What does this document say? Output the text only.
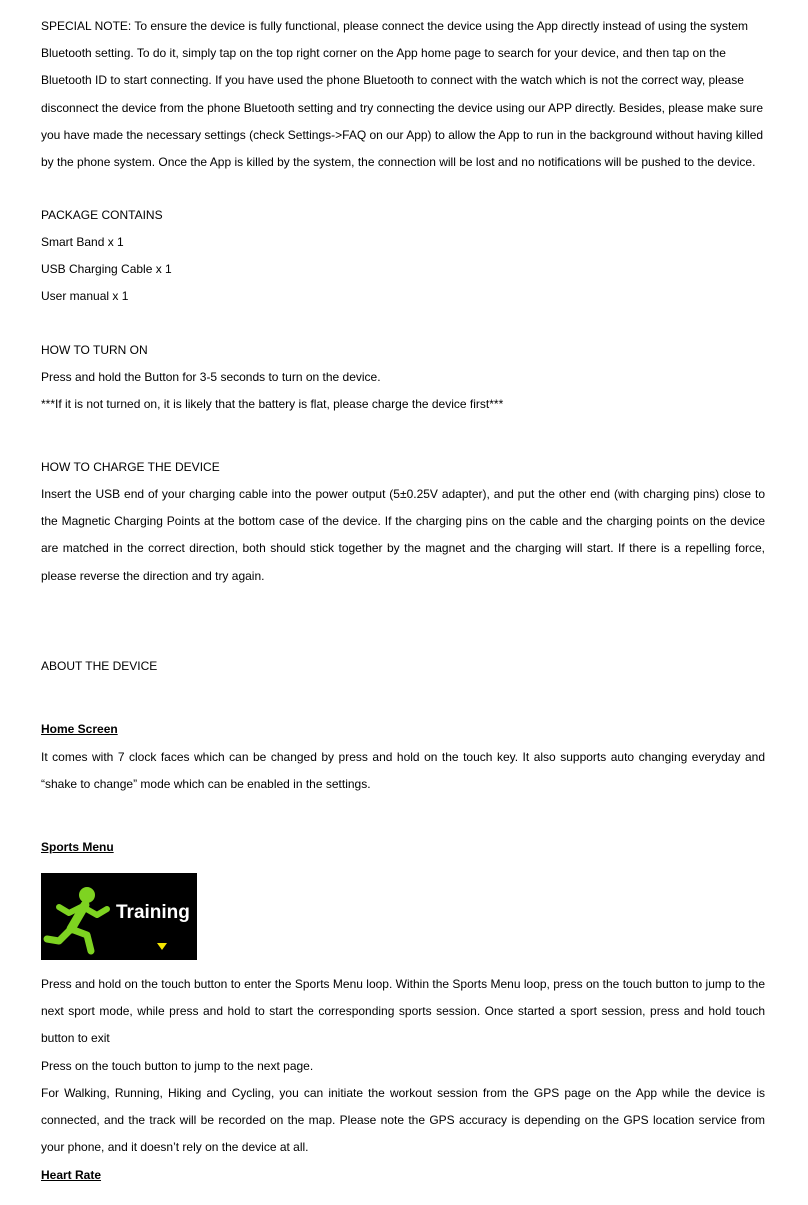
SPECIAL NOTE: To ensure the device is fully functional, please connect the device using the App directly instead of using the system Bluetooth setting. To do it, simply tap on the top right corner on the App home page to search for your device, and then tap on the Bluetooth ID to start connecting. If you have used the phone Bluetooth to connect with the watch which is not the correct way, please disconnect the device from the phone Bluetooth setting and try connecting the device using our APP directly. Besides, please make sure you have made the necessary settings (check Settings->FAQ on our App) to allow the App to run in the background without having killed by the phone system. Once the App is killed by the system, the connection will be lost and no notifications will be pushed to the device.

PACKAGE CONTAINS

Smart Band x 1

USB Charging Cable x 1

User manual x 1

HOW TO TURN ON

Press and hold the Button for 3-5 seconds to turn on the device.

***If it is not turned on, it is likely that the battery is flat, please charge the device first***

HOW TO CHARGE THE DEVICE

Insert the USB end of your charging cable into the power output (5±0.25V adapter), and put the other end (with charging pins) close to the Magnetic Charging Points at the bottom case of the device. If the charging pins on the cable and the charging points on the device are matched in the correct direction, both should stick together by the magnet and the charging will start. If there is a repelling force, please reverse the direction and try again.

ABOUT THE DEVICE

Home Screen

It comes with 7 clock faces which can be changed by press and hold on the touch key. It also supports auto changing everyday and “shake to change” mode which can be enabled in the settings.

Sports Menu

Training

Press and hold on the touch button to enter the Sports Menu loop. Within the Sports Menu loop, press on the touch button to jump to the next sport mode, while press and hold to start the corresponding sports session. Once started a sport session, press and hold touch button to exit

Press on the touch button to jump to the next page.

For Walking, Running, Hiking and Cycling, you can initiate the workout session from the GPS page on the App while the device is connected, and the track will be recorded on the map. Please note the GPS accuracy is depending on the GPS location service from your phone, and it doesn’t rely on the device at all.

Heart Rate
